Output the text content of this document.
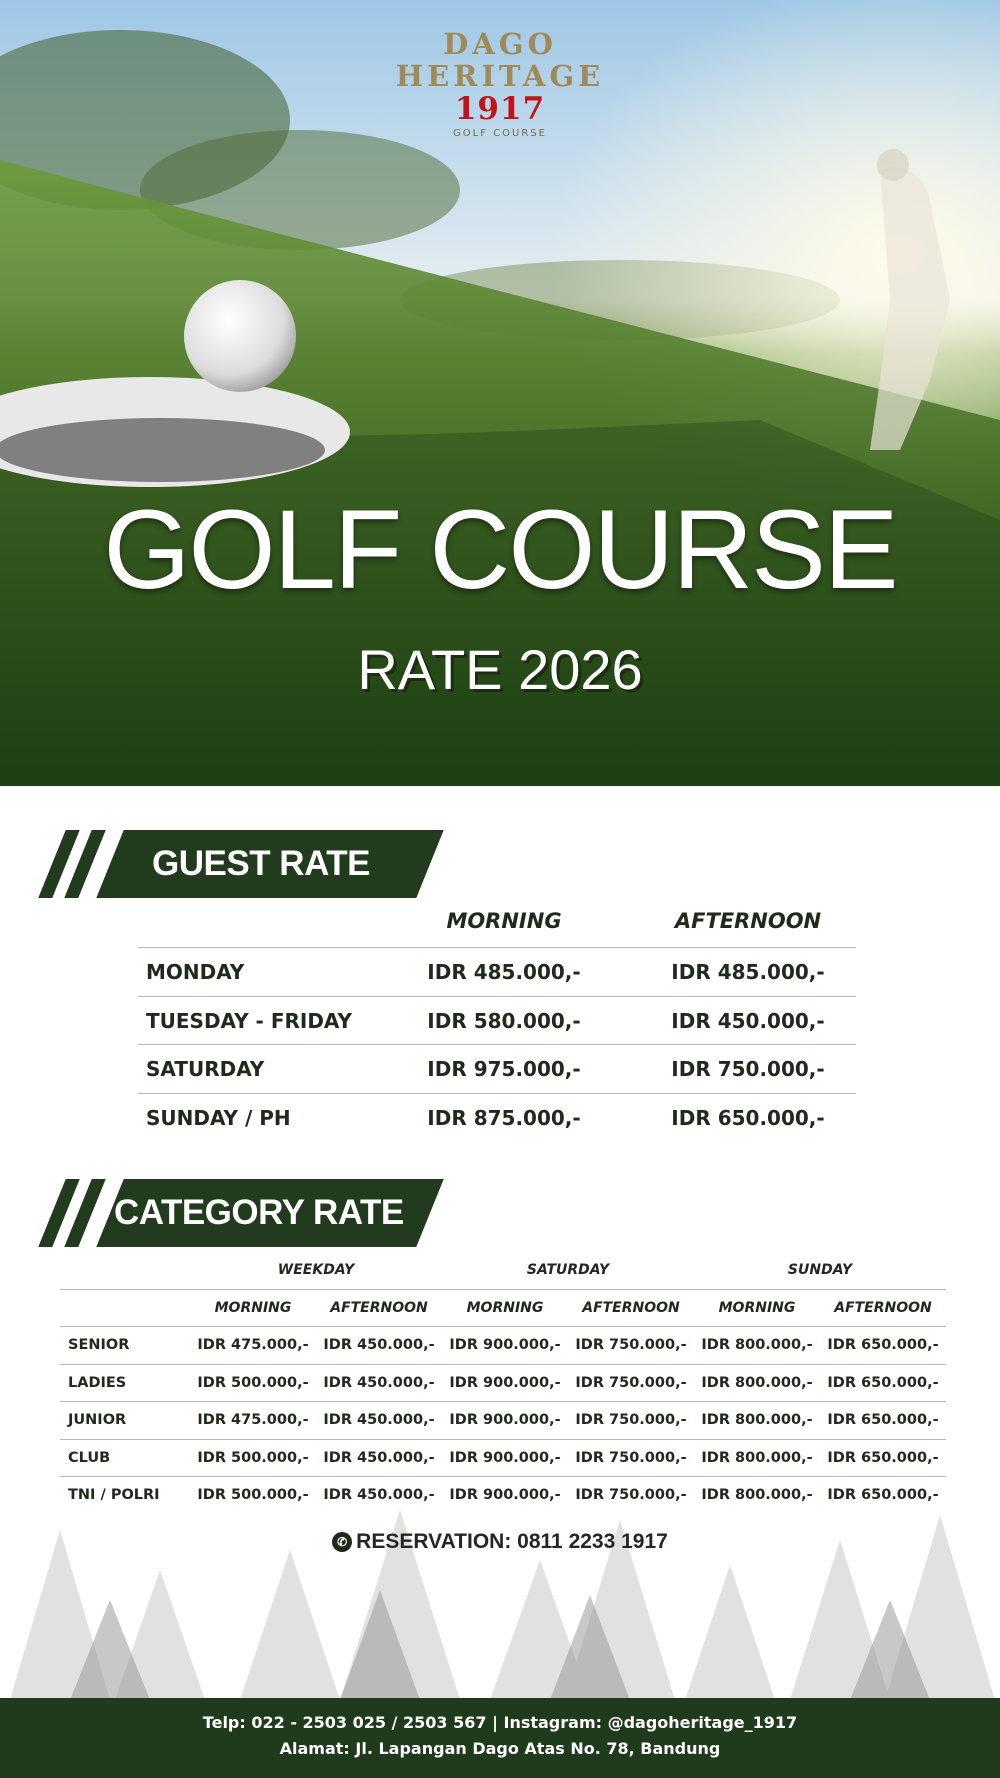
DAGO
HERITAGE
1917
GOLF COURSE
GOLF COURSE
RATE 2026
GUEST RATE
MORNING	AFTERNOON
MONDAY	IDR 485.000,-	IDR 485.000,-
TUESDAY - FRIDAY	IDR 580.000,-	IDR 450.000,-
SATURDAY	IDR 975.000,-	IDR 750.000,-
SUNDAY / PH	IDR 875.000,-	IDR 650.000,-
CATEGORY RATE
WEEKDAY	SATURDAY	SUNDAY
MORNING	AFTERNOON	MORNING	AFTERNOON	MORNING	AFTERNOON
SENIOR	IDR 475.000,-	IDR 450.000,-	IDR 900.000,-	IDR 750.000,-	IDR 800.000,-	IDR 650.000,-
LADIES	IDR 500.000,-	IDR 450.000,-	IDR 900.000,-	IDR 750.000,-	IDR 800.000,-	IDR 650.000,-
JUNIOR	IDR 475.000,-	IDR 450.000,-	IDR 900.000,-	IDR 750.000,-	IDR 800.000,-	IDR 650.000,-
CLUB	IDR 500.000,-	IDR 450.000,-	IDR 900.000,-	IDR 750.000,-	IDR 800.000,-	IDR 650.000,-
TNI / POLRI	IDR 500.000,-	IDR 450.000,-	IDR 900.000,-	IDR 750.000,-	IDR 800.000,-	IDR 650.000,-
✆ RESERVATION: 0811 2233 1917
Telp: 022 - 2503 025 / 2503 567 | Instagram: @dagoheritage_1917
Alamat: Jl. Lapangan Dago Atas No. 78, Bandung
